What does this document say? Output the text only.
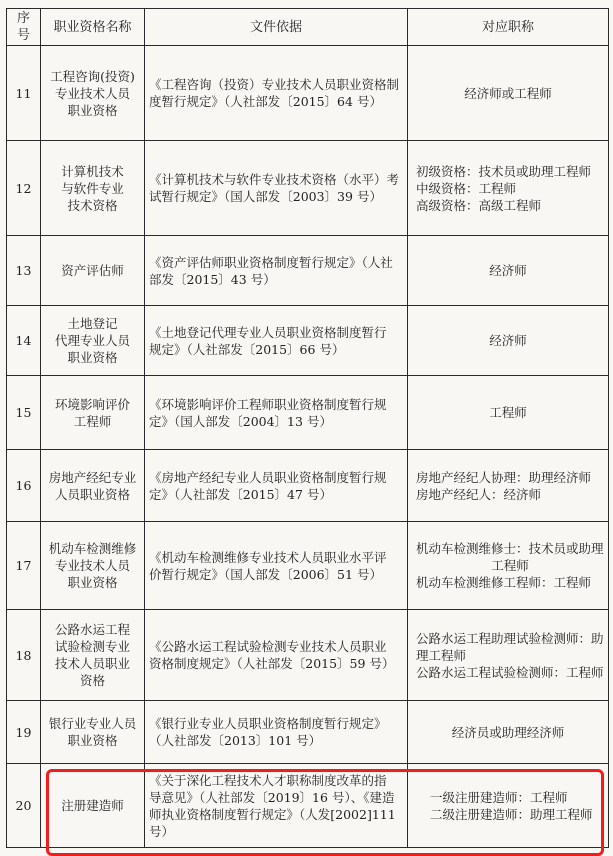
序号	职业资格名称	文件依据	对应职称
11	工程咨询(投资)
专业技术人员
职业资格	《工程咨询（投资）专业技术人员职业资格制
度暂行规定》（人社部发〔2015〕64 号）	经济师或工程师

12	计算机技术
与软件专业
技术资格	《计算机技术与软件专业技术资格（水平）考
试暂行规定》（国人部发〔2003〕39 号）	初级资格：技术员或助理工程师
中级资格：工程师
高级资格：高级工程师

13	资产评估师	《资产评估师职业资格制度暂行规定》（人社
部发〔2015〕43 号）	经济师

14	土地登记
代理专业人员
职业资格	《土地登记代理专业人员职业资格制度暂行
规定》（人社部发〔2015〕66 号）	经济师

15	环境影响评价
工程师	《环境影响评价工程师职业资格制度暂行规
定》（国人部发〔2004〕13 号）	工程师

16	房地产经纪专业
人员职业资格	《房地产经纪专业人员职业资格制度暂行规
定》（人社部发〔2015〕47 号）	房地产经纪人协理：助理经济师
房地产经纪人：经济师

17	机动车检测维修
专业技术人员
职业资格	《机动车检测维修专业技术人员职业水平评
价暂行规定》（国人部发〔2006〕51 号）	机动车检测维修士：技术员或助理
工程师
机动车检测维修工程师：工程师

18	公路水运工程
试验检测专业
技术人员职业
资格	《公路水运工程试验检测专业技术人员职业
资格制度规定》（人社部发〔2015〕59 号）	公路水运工程助理试验检测师：助
理工程师
公路水运工程试验检测师：工程师

19	银行业专业人员
职业资格	《银行业专业人员职业资格制度暂行规定》
（人社部发〔2013〕101 号）	经济员或助理经济师

20	注册建造师	《关于深化工程技术人才职称制度改革的指
导意见》（人社部发〔2019〕16 号）、《建造
师执业资格制度暂行规定》（人发[2002]111
号）	一级注册建造师：工程师
二级注册建造师：助理工程师
